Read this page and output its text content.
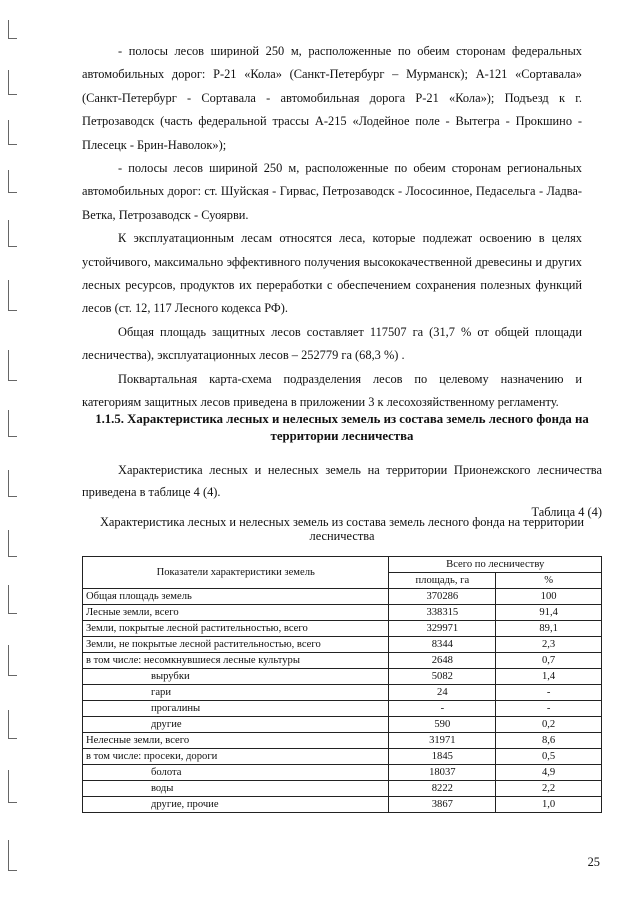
- полосы лесов шириной 250 м, расположенные по обеим сторонам федеральных автомобильных дорог: Р-21 «Кола» (Санкт-Петербург – Мурманск); А-121 «Сортавала» (Санкт-Петербург - Сортавала - автомобильная дорога Р-21 «Кола»); Подъезд к г. Петрозаводск (часть федеральной трассы А-215 «Лодейное поле - Вытегра - Прокшино - Плесецк - Брин-Наволок»);

- полосы лесов шириной 250 м, расположенные по обеим сторонам региональных автомобильных дорог: ст. Шуйская - Гирвас, Петрозаводск - Лососинное, Педасельга - Ладва-Ветка, Петрозаводск - Суоярви.

К эксплуатационным лесам относятся леса, которые подлежат освоению в целях устойчивого, максимально эффективного получения высококачественной древесины и других лесных ресурсов, продуктов их переработки с обеспечением сохранения полезных функций лесов (ст. 12, 117 Лесного кодекса РФ).

Общая площадь защитных лесов составляет 117507 га (31,7 % от общей площади лесничества), эксплуатационных лесов – 252779 га (68,3 %) .

Поквартальная карта-схема подразделения лесов по целевому назначению и категориям защитных лесов приведена в приложении 3 к лесохозяйственному регламенту.

1.1.5. Характеристика лесных и нелесных земель из состава земель лесного фонда на территории лесничества

Характеристика лесных и нелесных земель на территории Прионежского лесничества приведена в таблице 4 (4).

Таблица 4 (4)
Характеристика лесных и нелесных земель из состава земель лесного фонда на территории лесничества
Показатели характеристики земель	Всего по лесничеству	
	площадь, га	%
Общая площадь земель	370286	100
Лесные земли, всего	338315	91,4
Земли, покрытые лесной растительностью, всего	329971	89,1
Земли, не покрытые лесной растительностью, всего	8344	2,3
в том числе: несомкнувшиеся лесные культуры	2648	0,7
вырубки	5082	1,4
гари	24	-
прогалины	-	-
другие	590	0,2
Нелесные земли, всего	31971	8,6
в том числе: просеки, дороги	1845	0,5
болота	18037	4,9
воды	8222	2,2
другие, прочие	3867	1,0
25
